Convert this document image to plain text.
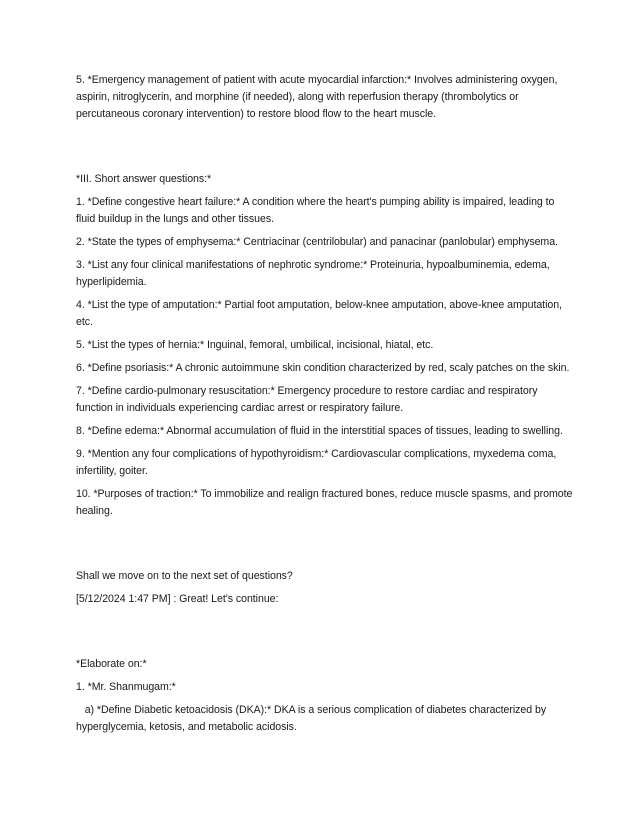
5. *Emergency management of patient with acute myocardial infarction:* Involves administering oxygen, aspirin, nitroglycerin, and morphine (if needed), along with reperfusion therapy (thrombolytics or percutaneous coronary intervention) to restore blood flow to the heart muscle.

*III. Short answer questions:*

1. *Define congestive heart failure:* A condition where the heart's pumping ability is impaired, leading to fluid buildup in the lungs and other tissues.

2. *State the types of emphysema:* Centriacinar (centrilobular) and panacinar (panlobular) emphysema.

3. *List any four clinical manifestations of nephrotic syndrome:* Proteinuria, hypoalbuminemia, edema, hyperlipidemia.

4. *List the type of amputation:* Partial foot amputation, below-knee amputation, above-knee amputation, etc.

5. *List the types of hernia:* Inguinal, femoral, umbilical, incisional, hiatal, etc.

6. *Define psoriasis:* A chronic autoimmune skin condition characterized by red, scaly patches on the skin.

7. *Define cardio-pulmonary resuscitation:* Emergency procedure to restore cardiac and respiratory function in individuals experiencing cardiac arrest or respiratory failure.

8. *Define edema:* Abnormal accumulation of fluid in the interstitial spaces of tissues, leading to swelling.

9. *Mention any four complications of hypothyroidism:* Cardiovascular complications, myxedema coma, infertility, goiter.

10. *Purposes of traction:* To immobilize and realign fractured bones, reduce muscle spasms, and promote healing.

Shall we move on to the next set of questions?

[5/12/2024 1:47 PM] : Great! Let's continue:

*Elaborate on:*

1. *Mr. Shanmugam:*

a) *Define Diabetic ketoacidosis (DKA):* DKA is a serious complication of diabetes characterized by hyperglycemia, ketosis, and metabolic acidosis.
